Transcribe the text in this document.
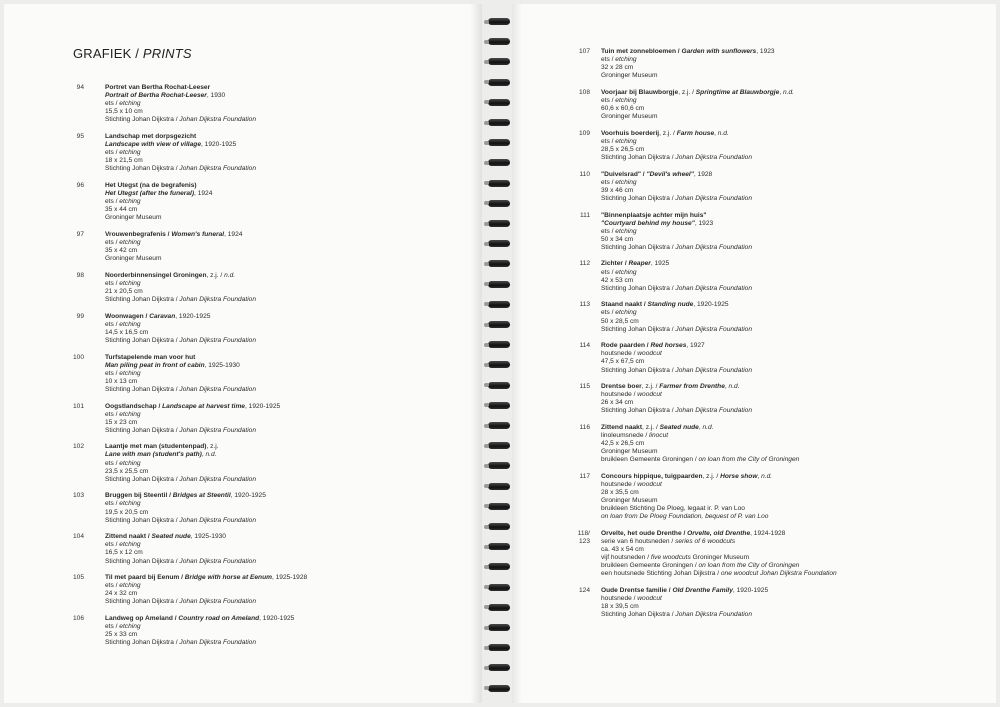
GRAFIEK / PRINTS
94	Portret van Bertha Rochat-Leeser
Portrait of Bertha Rochat-Leeser, 1930
ets / etching
15,5 x 10 cm
Stichting Johan Dijkstra / Johan Dijkstra Foundation
95	Landschap met dorpsgezicht
Landscape with view of village, 1920-1925
ets / etching
18 x 21,5 cm
Stichting Johan Dijkstra / Johan Dijkstra Foundation
96	Het Utegst (na de begrafenis)
Het Utegst (after the funeral), 1924
ets / etching
35 x 44 cm
Groninger Museum
97	Vrouwenbegrafenis / Women's funeral, 1924
ets / etching
35 x 42 cm
Groninger Museum
98	Noorderbinnensingel Groningen, z.j. / n.d.
ets / etching
21 x 20,5 cm
Stichting Johan Dijkstra / Johan Dijkstra Foundation
99	Woonwagen / Caravan, 1920-1925
ets / etching
14,5 x 16,5 cm
Stichting Johan Dijkstra / Johan Dijkstra Foundation
100	Turfstapelende man voor hut
Man piling peat in front of cabin, 1925-1930
ets / etching
10 x 13 cm
Stichting Johan Dijkstra / Johan Dijkstra Foundation
101	Oogstlandschap / Landscape at harvest time, 1920-1925
ets / etching
15 x 23 cm
Stichting Johan Dijkstra / Johan Dijkstra Foundation
102	Laantje met man (studentenpad), z.j.
Lane with man (student's path), n.d.
ets / etching
23,5 x 25,5 cm
Stichting Johan Dijkstra / Johan Dijkstra Foundation
103	Bruggen bij Steentil / Bridges at Steentil, 1920-1925
ets / etching
19,5 x 20,5 cm
Stichting Johan Dijkstra / Johan Dijkstra Foundation
104	Zittend naakt / Seated nude, 1925-1930
ets / etching
16,5 x 12 cm
Stichting Johan Dijkstra / Johan Dijkstra Foundation
105	Til met paard bij Eenum / Bridge with horse at Eenum, 1925-1928
ets / etching
24 x 32 cm
Stichting Johan Dijkstra / Johan Dijkstra Foundation
106	Landweg op Ameland / Country road on Ameland, 1920-1925
ets / etching
25 x 33 cm
Stichting Johan Dijkstra / Johan Dijkstra Foundation
107 Tuin met zonnebloemen / Garden with sunflowers, 1923
ets / etching
32 x 28 cm
Groninger Museum
108 Voorjaar bij Blauwborgje, z.j. / Springtime at Blauwborgje, n.d.
ets / etching
60,6 x 60,6 cm
Groninger Museum
109 Voorhuis boerderij, z.j. / Farm house, n.d.
ets / etching
28,5 x 26,5 cm
Stichting Johan Dijkstra / Johan Dijkstra Foundation
110 "Duivelsrad" / "Devil's wheel", 1928
ets / etching
39 x 46 cm
Stichting Johan Dijkstra / Johan Dijkstra Foundation
111 "Binnenplaatsje achter mijn huis"
"Courtyard behind my house", 1923
ets / etching
50 x 34 cm
Stichting Johan Dijkstra / Johan Dijkstra Foundation
112 Zichter / Reaper, 1925
ets / etching
42 x 53 cm
Stichting Johan Dijkstra / Johan Dijkstra Foundation
113 Staand naakt / Standing nude, 1920-1925
ets / etching
50 x 28,5 cm
Stichting Johan Dijkstra / Johan Dijkstra Foundation
114 Rode paarden / Red horses, 1927
houtsnede / woodcut
47,5 x 67,5 cm
Stichting Johan Dijkstra / Johan Dijkstra Foundation
115 Drentse boer, z.j. / Farmer from Drenthe, n.d.
houtsnede / woodcut
26 x 34 cm
Stichting Johan Dijkstra / Johan Dijkstra Foundation
116 Zittend naakt, z.j. / Seated nude, n.d.
linoleumsnede / linocut
42,5 x 26,5 cm
Groninger Museum
bruikleen Gemeente Groningen / on loan from the City of Groningen
117 Concours hippique, tuigpaarden, z.j. / Horse show, n.d.
houtsnede / woodcut
28 x 35,5 cm
Groninger Museum
bruikleen Stichting De Ploeg, legaat ir. P. van Loo
on loan from De Ploeg Foundation, bequest of P. van Loo
118/
123
Orvelte, het oude Drenthe / Orvelte, old Drenthe, 1924-1928
serie van 6 houtsneden / series of 6 woodcuts
ca. 43 x 54 cm
vijf houtsneden / five woodcuts Groninger Museum
bruikleen Gemeente Groningen / on loan from the City of Groningen
een houtsnede Stichting Johan Dijkstra / one woodcut Johan Dijkstra Foundation
124 Oude Drentse familie / Old Drenthe Family, 1920-1925
houtsnede / woodcut
18 x 39,5 cm
Stichting Johan Dijkstra / Johan Dijkstra Foundation
